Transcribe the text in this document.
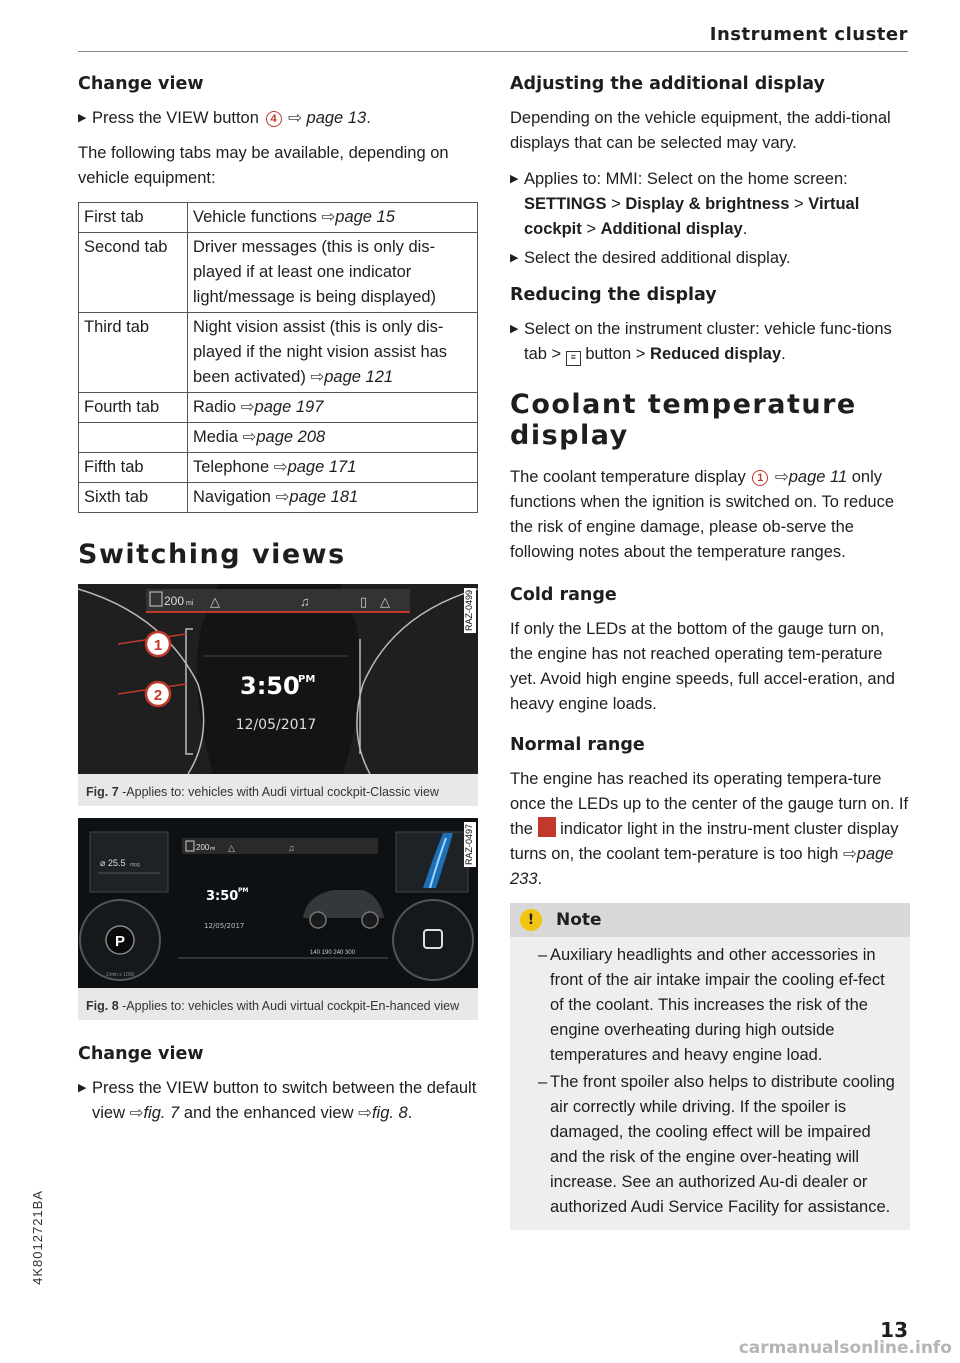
Instrument cluster
Change view
▶ Press the VIEW button 4 ⇨ page 13.

The following tabs may be available, depending on vehicle equipment:

First tab	Vehicle functions ⇨page 15
Second tab	Driver messages (this is only dis-played if at least one indicator light/message is being displayed)
Third tab	Night vision assist (this is only dis-played if the night vision assist has been activated) ⇨page 121
Fourth tab	Radio ⇨page 197
	Media ⇨page 208
Fifth tab	Telephone ⇨page 171
Sixth tab	Navigation ⇨page 181
Switching views
200 mi △	♫	▯ △
1
2	3:50
PM
12/05/2017
RAZ-0499
Fig. 7 -Applies to: vehicles with Audi virtual cockpit-Classic view
⌀ 25.5 mpg
P
1/min x 1000
200 mi △	♫
3:50 PM
12/05/2017
140 190 240 300
RAZ-0497
Fig. 8 -Applies to: vehicles with Audi virtual cockpit-En-hanced view
Change view
▶ Press the VIEW button to switch between the default view ⇨fig. 7 and the enhanced view ⇨fig. 8.
Adjusting the additional display

Depending on the vehicle equipment, the addi-tional displays that can be selected may vary.

▶ Applies to: MMI: Select on the home screen: SETTINGS > Display & brightness > Virtual cockpit > Additional display.
▶ Select the desired additional display.
Reducing the display
▶ Select on the instrument cluster: vehicle func-tions tab > ≡ button > Reduced display.
Coolant temperature display

The coolant temperature display 1 ⇨page 11 only functions when the ignition is switched on. To reduce the risk of engine damage, please ob-serve the following notes about the temperature ranges.

Cold range

If only the LEDs at the bottom of the gauge turn on, the engine has not reached operating tem-perature yet. Avoid high engine speeds, full accel-eration, and heavy engine loads.

Normal range

The engine has reached its operating tempera-ture once the LEDs up to the center of the gauge turn on. If the indicator light in the instru-ment cluster display turns on, the coolant tem-perature is too high ⇨page 233.

!	Note
– Auxiliary headlights and other accessories in front of the air intake impair the cooling ef-fect of the coolant. This increases the risk of the engine overheating during high outside temperatures and heavy engine load.
– The front spoiler also helps to distribute cooling air correctly while driving. If the spoiler is damaged, the cooling effect will be impaired and the risk of the engine over-heating will increase. See an authorized Au-di dealer or authorized Audi Service Facility for assistance.
4K8012721BA
13
carmanualsonline.info
